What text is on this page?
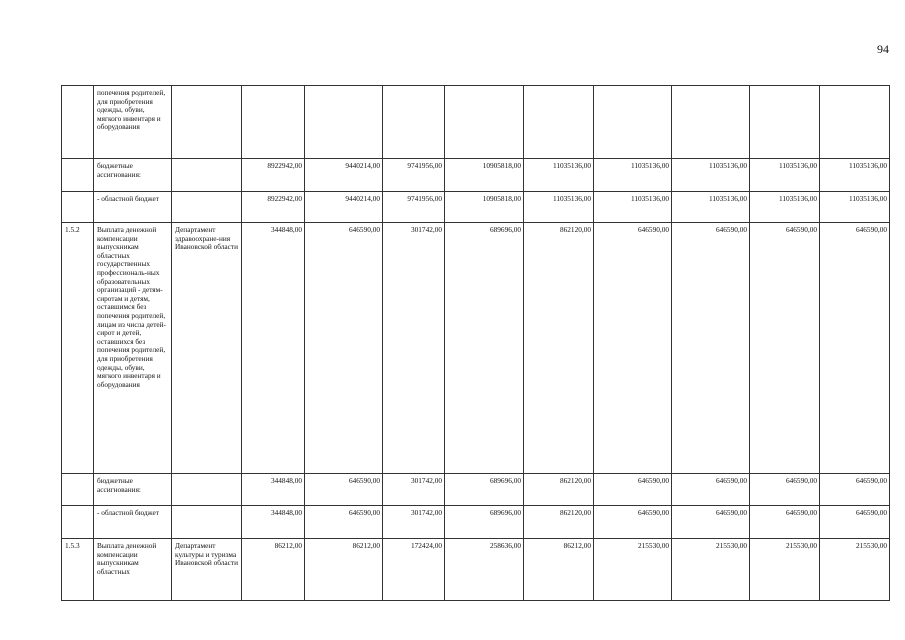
94
	попечения родителей, для приобретения одежды, обуви, мягкого инвентаря и оборудования										
	бюджетные ассигнования:		8922942,00	9440214,00	9741956,00	10905818,00	11035136,00	11035136,00	11035136,00	11035136,00	11035136,00
	- областной бюджет		8922942,00	9440214,00	9741956,00	10905818,00	11035136,00	11035136,00	11035136,00	11035136,00	11035136,00
1.5.2	Выплата денежной компенсации выпускникам областных государственных профессиональ-ных образовательных организаций - детям-сиротам и детям, оставшимся без попечения родителей, лицам из числа детей-сирот и детей, оставшихся без попечения родителей, для приобретения одежды, обуви, мягкого инвентаря и оборудования	Департамент здравоохране-ния Ивановской области	344848,00	646590,00	301742,00	689696,00	862120,00	646590,00	646590,00	646590,00	646590,00
	бюджетные ассигнования:		344848,00	646590,00	301742,00	689696,00	862120,00	646590,00	646590,00	646590,00	646590,00
	- областной бюджет		344848,00	646590,00	301742,00	689696,00	862120,00	646590,00	646590,00	646590,00	646590,00
1.5.3	Выплата денежной компенсации выпускникам областных	Департамент культуры и туризма Ивановской области	86212,00	86212,00	172424,00	258636,00	86212,00	215530,00	215530,00	215530,00	215530,00
